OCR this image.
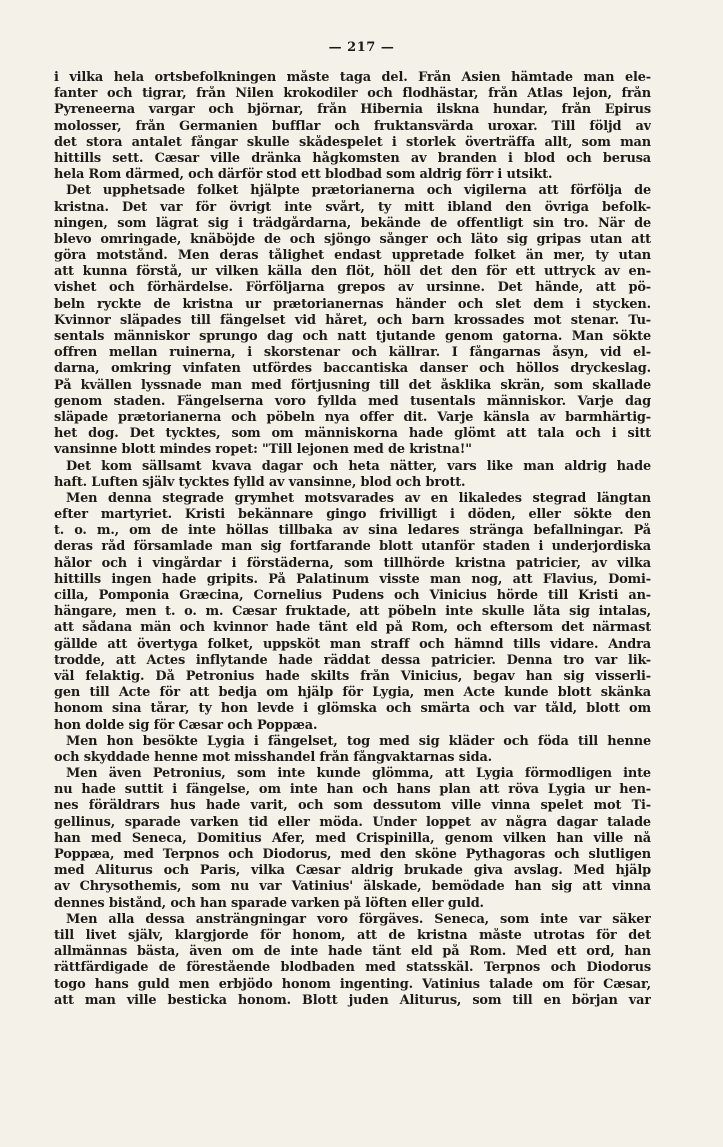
— 217 —
i vilka hela ortsbefolkningen måste taga del. Från Asien hämtade man ele-
fanter och tigrar, från Nilen krokodiler och flodhästar, från Atlas lejon, från
Pyreneerna vargar och björnar, från Hibernia ilskna hundar, från Epirus
molosser, från Germanien bufflar och fruktansvärda uroxar. Till följd av
det stora antalet fångar skulle skådespelet i storlek överträffa allt, som man
hittills sett. Cæsar ville dränka hågkomsten av branden i blod och berusa
hela Rom därmed, och därför stod ett blodbad som aldrig förr i utsikt.
Det upphetsade folket hjälpte prætorianerna och vigilerna att förfölja de
kristna. Det var för övrigt inte svårt, ty mitt ibland den övriga befolk-
ningen, som lägrat sig i trädgårdarna, bekände de offentligt sin tro. När de
blevo omringade, knäböjde de och sjöngo sånger och läto sig gripas utan att
göra motstånd. Men deras tålighet endast uppretade folket än mer, ty utan
att kunna förstå, ur vilken källa den flöt, höll det den för ett uttryck av en-
vishet och förhärdelse. Förföljarna grepos av ursinne. Det hände, att pö-
beln ryckte de kristna ur prætorianernas händer och slet dem i stycken.
Kvinnor släpades till fängelset vid håret, och barn krossades mot stenar. Tu-
sentals människor sprungo dag och natt tjutande genom gatorna. Man sökte
offren mellan ruinerna, i skorstenar och källrar. I fångarnas åsyn, vid el-
darna, omkring vinfaten utfördes baccantiska danser och höllos dryckeslag.
På kvällen lyssnade man med förtjusning till det åsklika skrän, som skallade
genom staden. Fängelserna voro fyllda med tusentals människor. Varje dag
släpade prætorianerna och pöbeln nya offer dit. Varje känsla av barmhärtig-
het dog. Det tycktes, som om människorna hade glömt att tala och i sitt
vansinne blott mindes ropet: "Till lejonen med de kristna!"
Det kom sällsamt kvava dagar och heta nätter, vars like man aldrig hade
haft. Luften själv tycktes fylld av vansinne, blod och brott.
Men denna stegrade grymhet motsvarades av en likaledes stegrad längtan
efter martyriet. Kristi bekännare gingo frivilligt i döden, eller sökte den
t. o. m., om de inte höllas tillbaka av sina ledares stränga befallningar. På
deras råd församlade man sig fortfarande blott utanför staden i underjordiska
hålor och i vingårdar i förstäderna, som tillhörde kristna patricier, av vilka
hittills ingen hade gripits. På Palatinum visste man nog, att Flavius, Domi-
cilla, Pomponia Græcina, Cornelius Pudens och Vinicius hörde till Kristi an-
hängare, men t. o. m. Cæsar fruktade, att pöbeln inte skulle låta sig intalas,
att sådana män och kvinnor hade tänt eld på Rom, och eftersom det närmast
gällde att övertyga folket, uppsköt man straff och hämnd tills vidare. Andra
trodde, att Actes inflytande hade räddat dessa patricier. Denna tro var lik-
väl felaktig. Då Petronius hade skilts från Vinicius, begav han sig visserli-
gen till Acte för att bedja om hjälp för Lygia, men Acte kunde blott skänka
honom sina tårar, ty hon levde i glömska och smärta och var tåld, blott om
hon dolde sig för Cæsar och Poppæa.
Men hon besökte Lygia i fängelset, tog med sig kläder och föda till henne
och skyddade henne mot misshandel från fångvaktarnas sida.
Men även Petronius, som inte kunde glömma, att Lygia förmodligen inte
nu hade suttit i fängelse, om inte han och hans plan att röva Lygia ur hen-
nes föräldrars hus hade varit, och som dessutom ville vinna spelet mot Ti-
gellinus, sparade varken tid eller möda. Under loppet av några dagar talade
han med Seneca, Domitius Afer, med Crispinilla, genom vilken han ville nå
Poppæa, med Terpnos och Diodorus, med den sköne Pythagoras och slutligen
med Aliturus och Paris, vilka Cæsar aldrig brukade giva avslag. Med hjälp
av Chrysothemis, som nu var Vatinius' älskade, bemödade han sig att vinna
dennes bistånd, och han sparade varken på löften eller guld.
Men alla dessa ansträngningar voro förgäves. Seneca, som inte var säker
till livet själv, klargjorde för honom, att de kristna måste utrotas för det
allmännas bästa, även om de inte hade tänt eld på Rom. Med ett ord, han
rättfärdigade de förestående blodbaden med statsskäl. Terpnos och Diodorus
togo hans guld men erbjödo honom ingenting. Vatinius talade om för Cæsar,
att man ville besticka honom. Blott juden Aliturus, som till en början var
